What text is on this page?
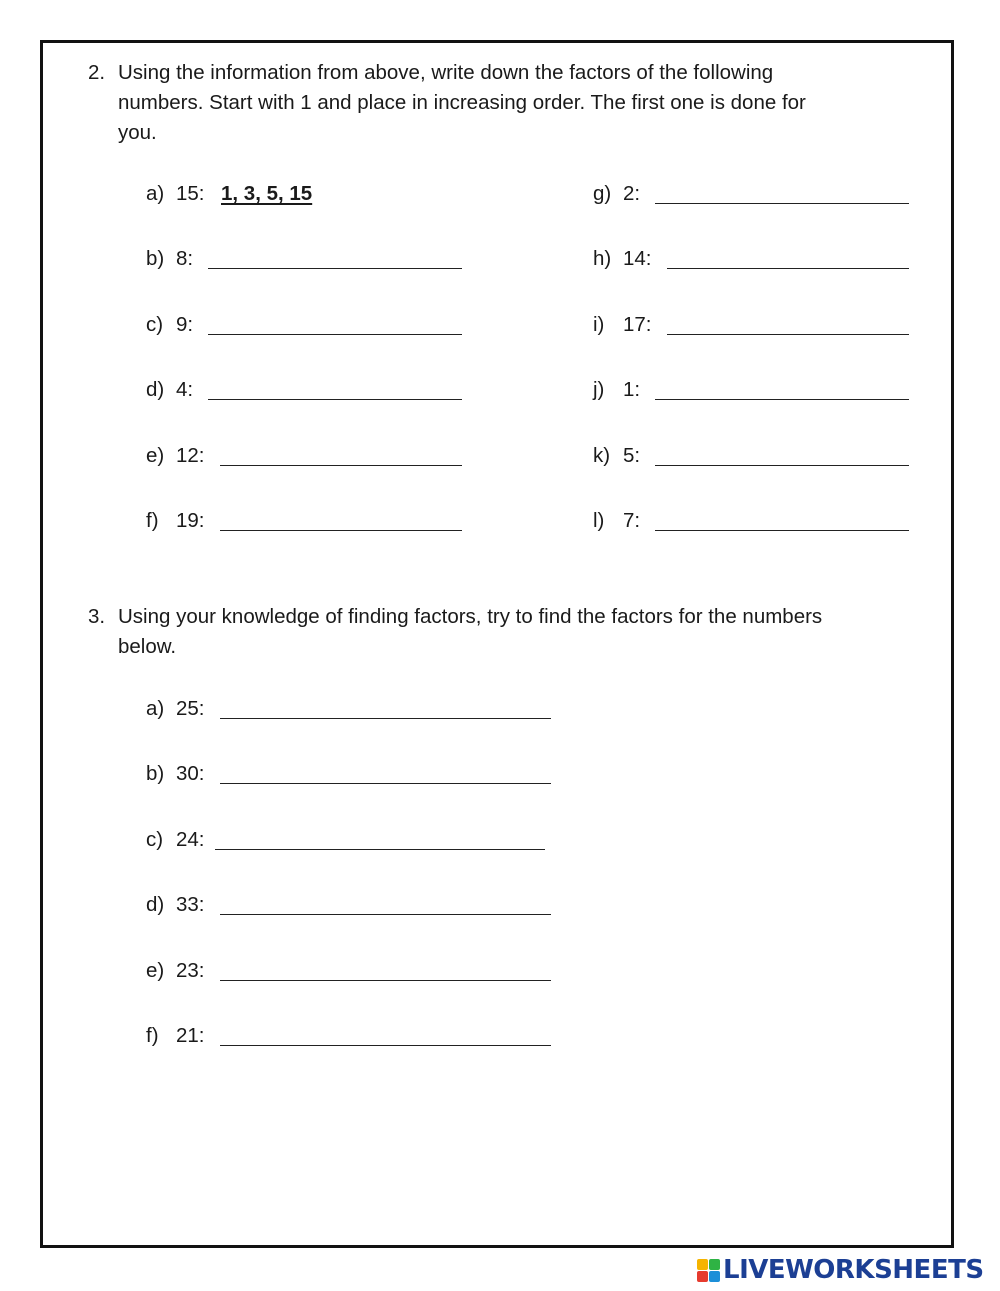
2. Using the information from above, write down the factors of the following
numbers. Start with 1 and place in increasing order. The first one is done for
you.
a) 15: 1, 3, 5, 15
b) 8:
c) 9:
d) 4:
e) 12:
f) 19:
g) 2:
h) 14:
i) 17:
j) 1:
k) 5:
l) 7:
3. Using your knowledge of finding factors, try to find the factors for the numbers
below.
a) 25:
b) 30:
c) 24:
d) 33:
e) 23:
f) 21:
LIVEWORKSHEETS
